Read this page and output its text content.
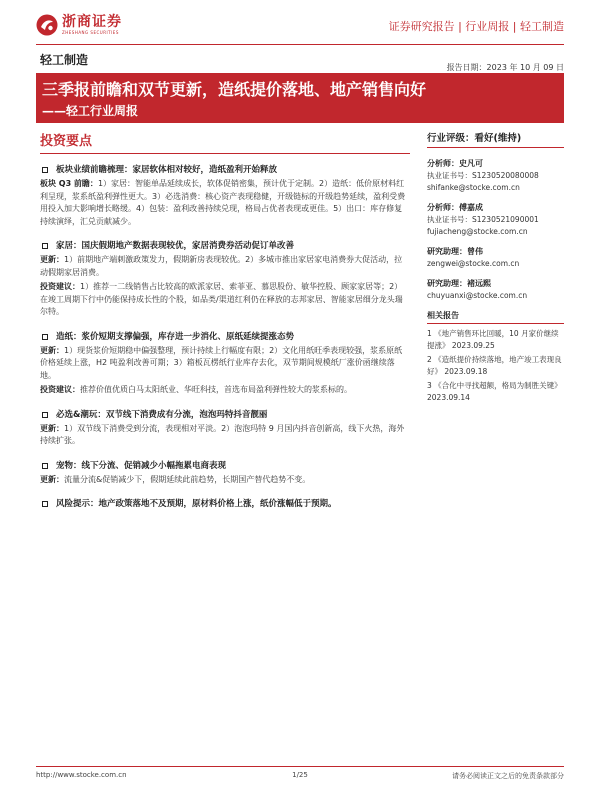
浙商证券
ZHESHANG SECURITIES	证券研究报告 | 行业周报 | 轻工制造
轻工制造
报告日期：2023 年 10 月 09 日
三季报前瞻和双节更新，造纸提价落地、地产销售向好
——轻工行业周报
投资要点
板块业绩前瞻梳理：家居软体相对较好，造纸盈利开始释放
板块 Q3 前瞻：1）家居：智能单品延续成长，软体促销密集，预计优于定制。2）造纸：低价原材料红利呈现，浆系纸盈利弹性更大。3）必选消费：核心资产表现稳健，开级链标的开级趋势延续，盈利受费用投入加大影响增长略缓。4）包装：盈利改善持续兑现，格局占优者表现或更佳。5）出口：库存修复持续演绎，汇兑贡献减少。
家居：国庆假期地产数据表现较优，家居消费券活动促订单改善
更新：1）前期地产端刺激政策发力，假期新房表现较优。2）多城市推出家居家电消费券大促活动，拉动假期家居消费。
投资建议：1）推荐一二线销售占比较高的欧派家居、索菲亚、慕思股份、敏华控股、顾家家居等；2）在竣工周期下行中仍能保持成长性的个股，如品类/渠道红利仍在释放的志邦家居、智能家居细分龙头瑞尔特。
造纸：浆价短期支撑偏强，库存进一步消化、原纸延续提涨态势
更新：1）现货浆价短期稳中偏强整理，预计持续上行幅度有限；2）文化用纸旺季表现较强，浆系原纸价格延续上涨，H2 吨盈利改善可期；3）箱板瓦楞纸行业库存去化，双节期间规模纸厂涨价函继续落地。
投资建议：推荐价值优质白马太阳纸业、华旺科技，首选布局盈利弹性较大的浆系标的。
必选&潮玩：双节线下消费成有分流，泡泡玛特抖音靓丽
更新：1）双节线下消费受到分流，表现相对平淡。2）泡泡玛特 9 月国内抖音创新高，线下火热，海外持续扩张。
宠物：线下分流、促销减少小幅拖累电商表现
更新：流量分流&促销减少下，假期延续此前趋势，长期国产替代趋势不变。
风险提示：地产政策落地不及预期，原材料价格上涨，纸价涨幅低于预期。
行业评级：看好(维持)
分析师：史凡可
执业证书号：S1230520080008
shifanke@stocke.com.cn
分析师：傅嘉成
执业证书号：S1230521090001
fujiacheng@stocke.com.cn
研究助理：曾伟
zengwei@stocke.com.cn
研究助理：褚远熙
chuyuanxi@stocke.com.cn
相关报告
1 《地产销售环比回暖，10 月家价继续提涨》 2023.09.25
2 《造纸提价持续落地，地产竣工表现良好》 2023.09.18
3 《合化中寻找超额，格局为制胜关键》 2023.09.14
http://www.stocke.com.cn	1/25	请务必阅读正文之后的免责条款部分
